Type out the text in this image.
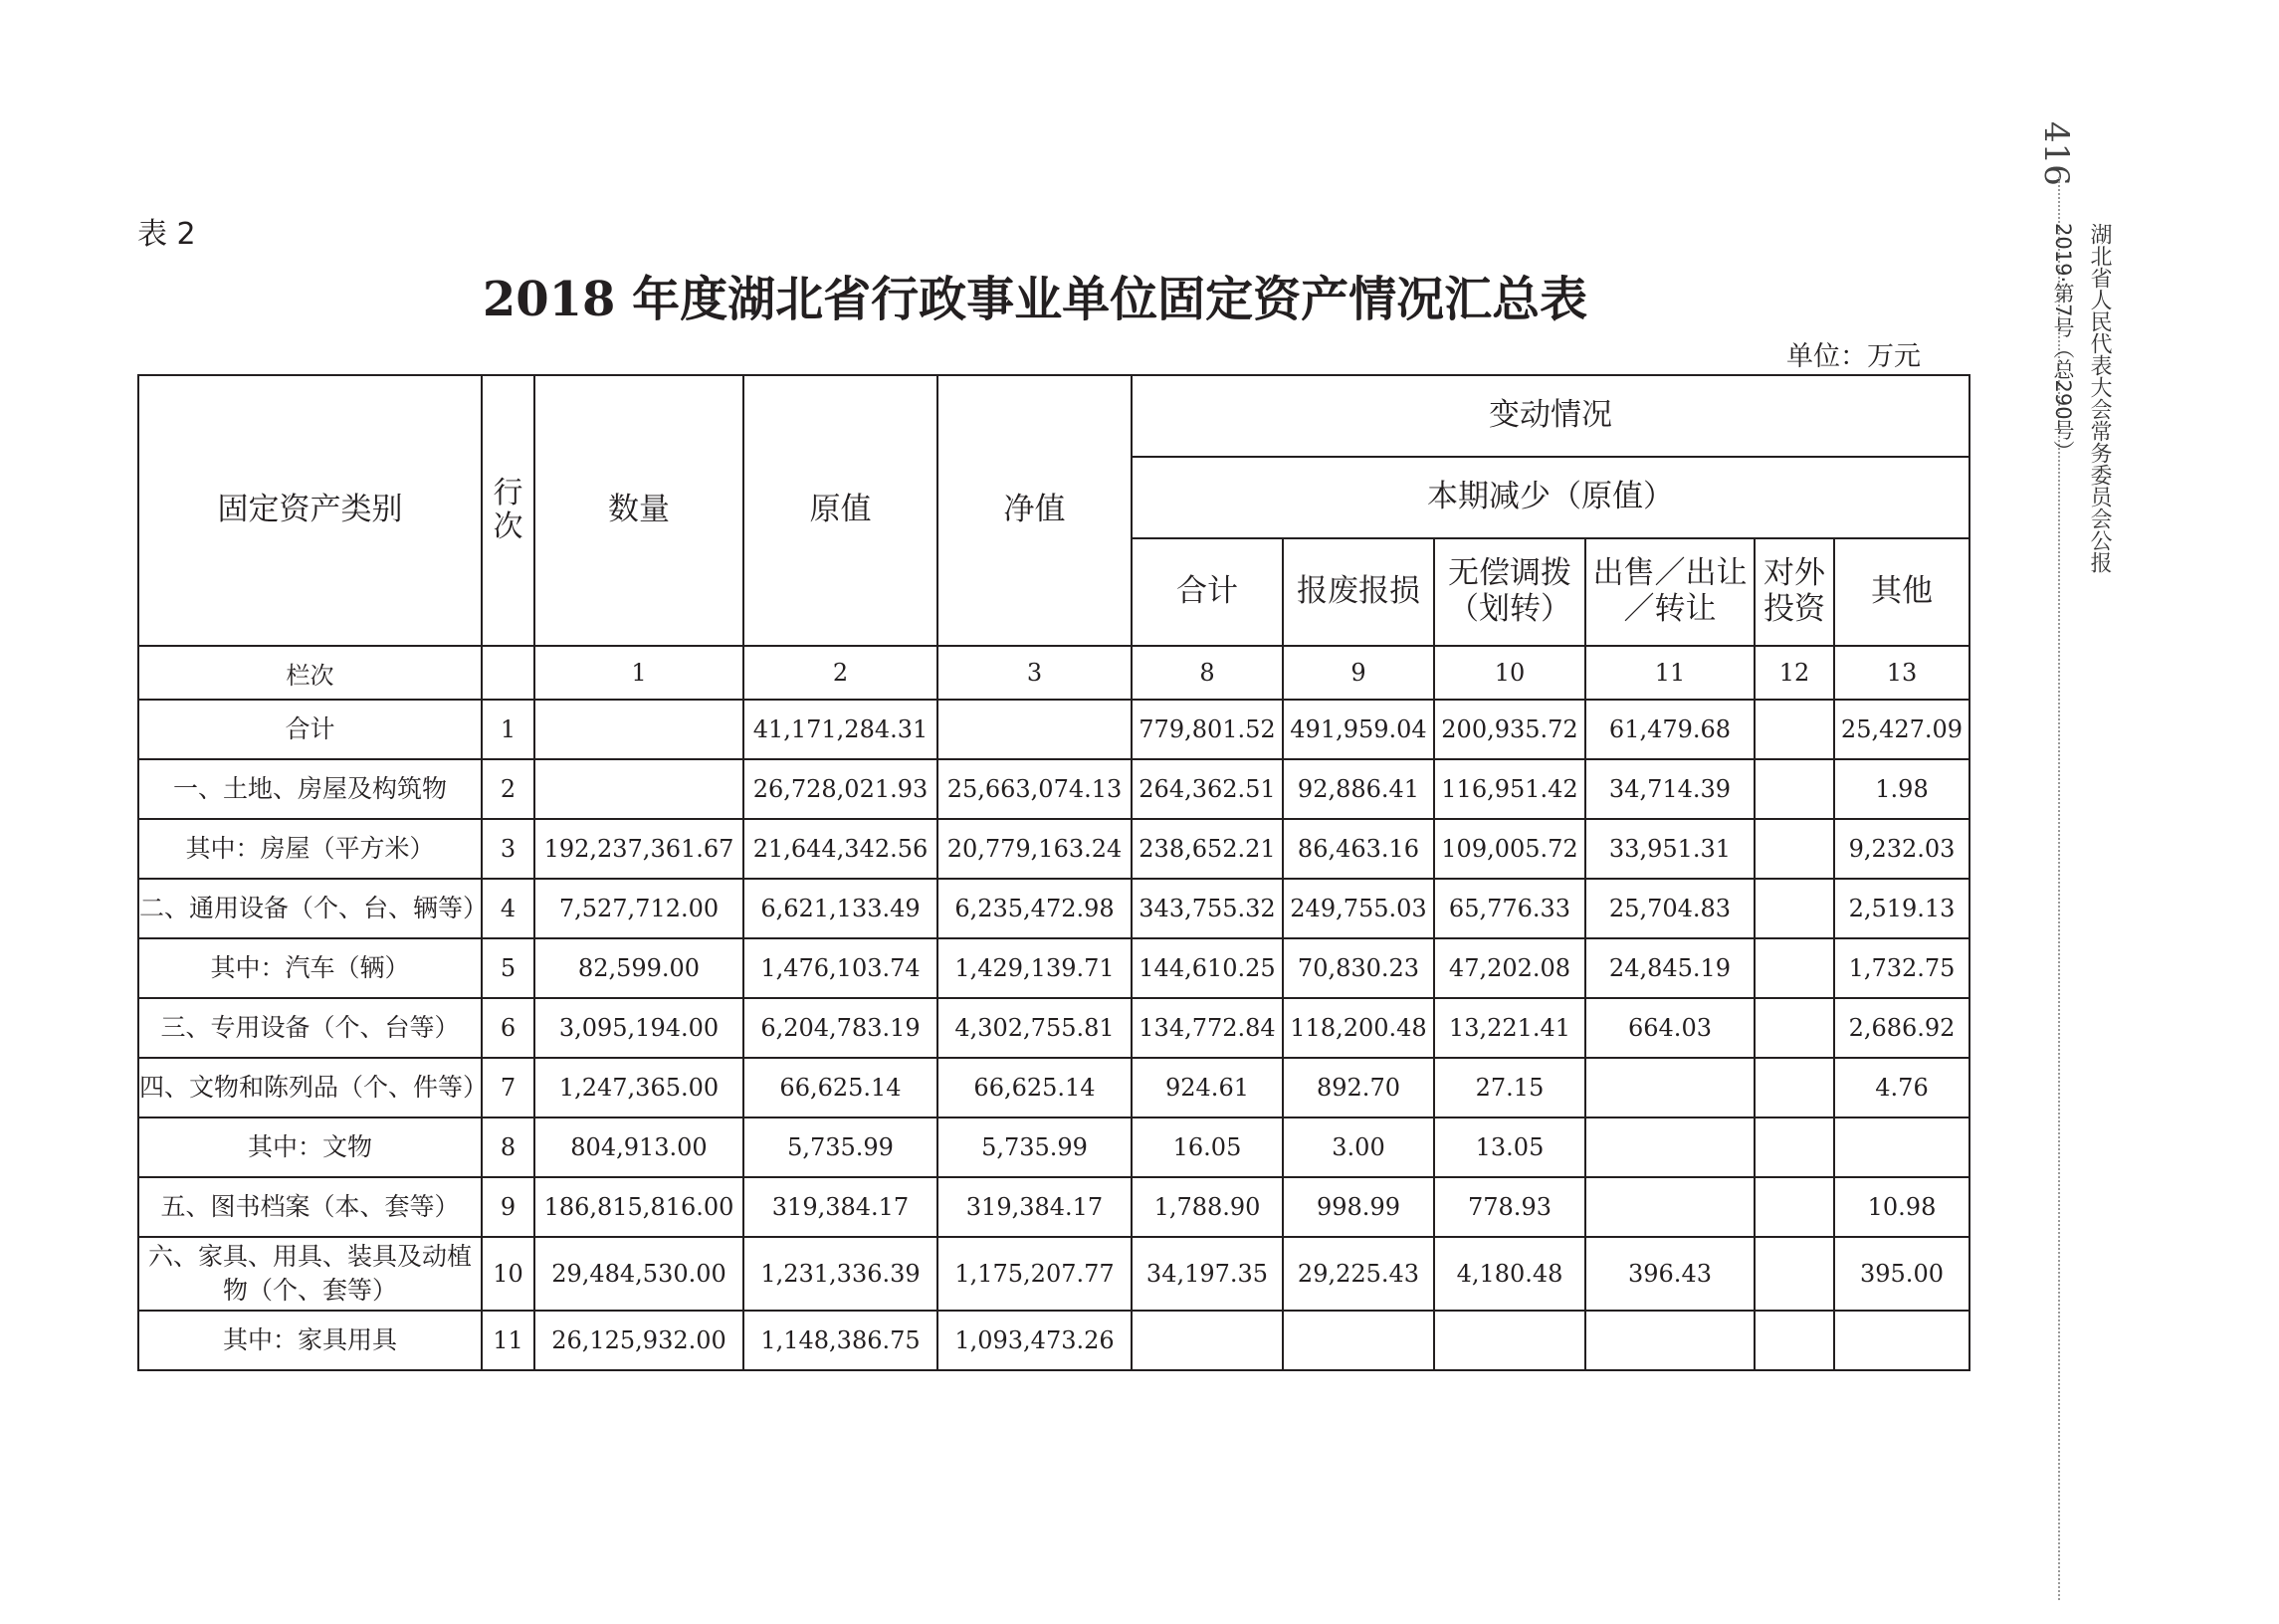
表 2
2018 年度湖北省行政事业单位固定资产情况汇总表
单位：万元
416
湖北省人民代表大会常务委员会公报
2019·第7号（总290号）
固定资产类别	行次	数量	原值	净值	变动情况					
					本期减少（原值）					
					合计	报废报损	无偿调拨（划转）	出售／出让／转让	对外投资	其他
栏次		1	2	3	8	9	10	11	12	13
合计	1		41,171,284.31		779,801.52	491,959.04	200,935.72	61,479.68		25,427.09
一、土地、房屋及构筑物	2		26,728,021.93	25,663,074.13	264,362.51	92,886.41	116,951.42	34,714.39		1.98
其中：房屋（平方米）	3	192,237,361.67	21,644,342.56	20,779,163.24	238,652.21	86,463.16	109,005.72	33,951.31		9,232.03
二、通用设备（个、台、辆等）	4	7,527,712.00	6,621,133.49	6,235,472.98	343,755.32	249,755.03	65,776.33	25,704.83		2,519.13
其中：汽车（辆）	5	82,599.00	1,476,103.74	1,429,139.71	144,610.25	70,830.23	47,202.08	24,845.19		1,732.75
三、专用设备（个、台等）	6	3,095,194.00	6,204,783.19	4,302,755.81	134,772.84	118,200.48	13,221.41	664.03		2,686.92
四、文物和陈列品（个、件等）	7	1,247,365.00	66,625.14	66,625.14	924.61	892.70	27.15			4.76
其中：文物	8	804,913.00	5,735.99	5,735.99	16.05	3.00	13.05			
五、图书档案（本、套等）	9	186,815,816.00	319,384.17	319,384.17	1,788.90	998.99	778.93			10.98
六、家具、用具、装具及动植物（个、套等）	10	29,484,530.00	1,231,336.39	1,175,207.77	34,197.35	29,225.43	4,180.48	396.43		395.00
其中：家具用具	11	26,125,932.00	1,148,386.75	1,093,473.26						
